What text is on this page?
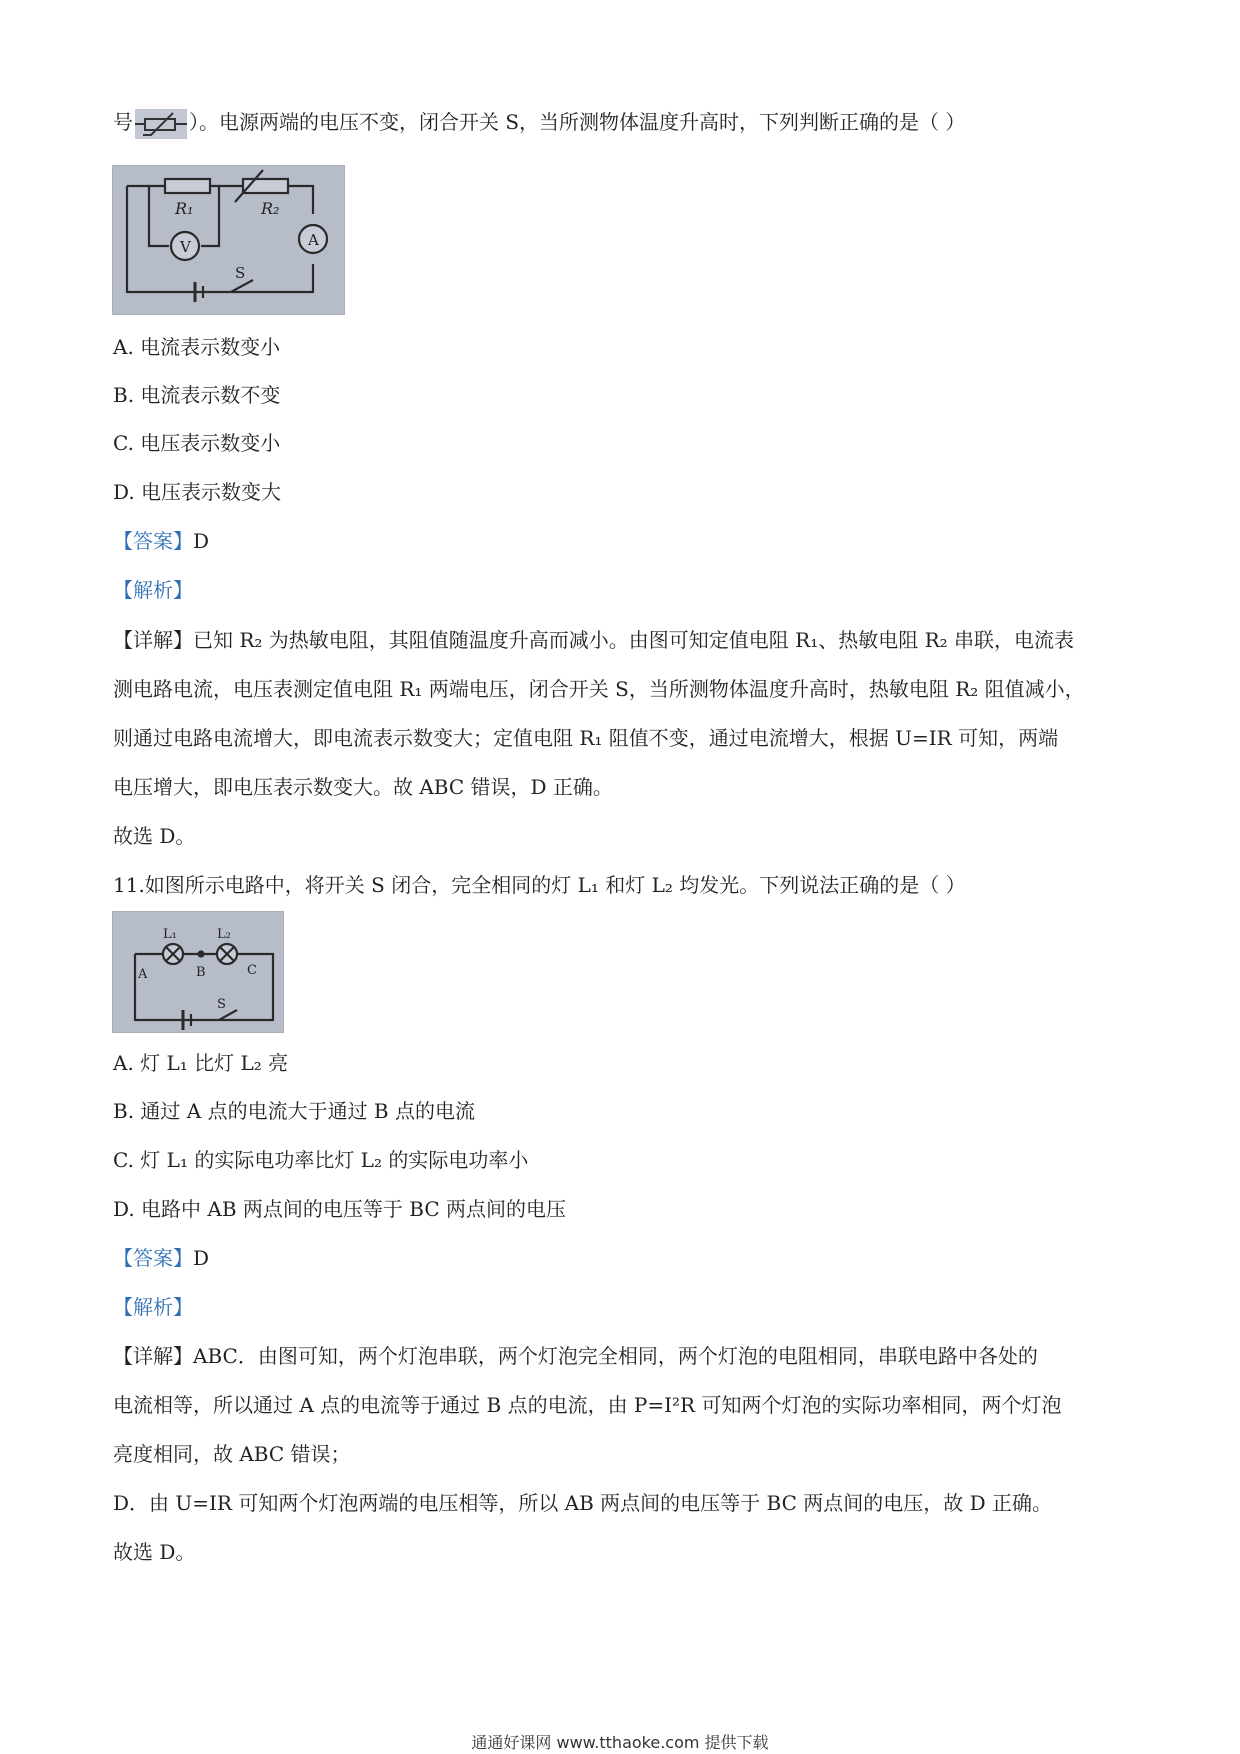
号	）。电源两端的电压不变，闭合开关 S，当所测物体温度升高时，下列判断正确的是（ ）
R₁	R₂
V	A
S
A. 电流表示数变小
B. 电流表示数不变
C. 电压表示数变小
D. 电压表示数变大
【答案】D
【解析】
【详解】已知 R₂ 为热敏电阻，其阻值随温度升高而减小。由图可知定值电阻 R₁、热敏电阻 R₂ 串联，电流表
测电路电流，电压表测定值电阻 R₁ 两端电压，闭合开关 S，当所测物体温度升高时，热敏电阻 R₂ 阻值减小，
则通过电路电流增大，即电流表示数变大；定值电阻 R₁ 阻值不变，通过电流增大，根据 U=IR 可知，两端
电压增大，即电压表示数变大。故 ABC 错误，D 正确。
故选 D。
11.如图所示电路中，将开关 S 闭合，完全相同的灯 L₁ 和灯 L₂ 均发光。下列说法正确的是（ ）
L₁	L₂
A	B	C
S
A. 灯 L₁ 比灯 L₂ 亮
B. 通过 A 点的电流大于通过 B 点的电流
C. 灯 L₁ 的实际电功率比灯 L₂ 的实际电功率小
D. 电路中 AB 两点间的电压等于 BC 两点间的电压
【答案】D
【解析】
【详解】ABC．由图可知，两个灯泡串联，两个灯泡完全相同，两个灯泡的电阻相同，串联电路中各处的
电流相等，所以通过 A 点的电流等于通过 B 点的电流，由 P=I²R 可知两个灯泡的实际功率相同，两个灯泡
亮度相同，故 ABC 错误；
D．由 U=IR 可知两个灯泡两端的电压相等，所以 AB 两点间的电压等于 BC 两点间的电压，故 D 正确。
故选 D。
通通好课网 www.tthaoke.com 提供下载
